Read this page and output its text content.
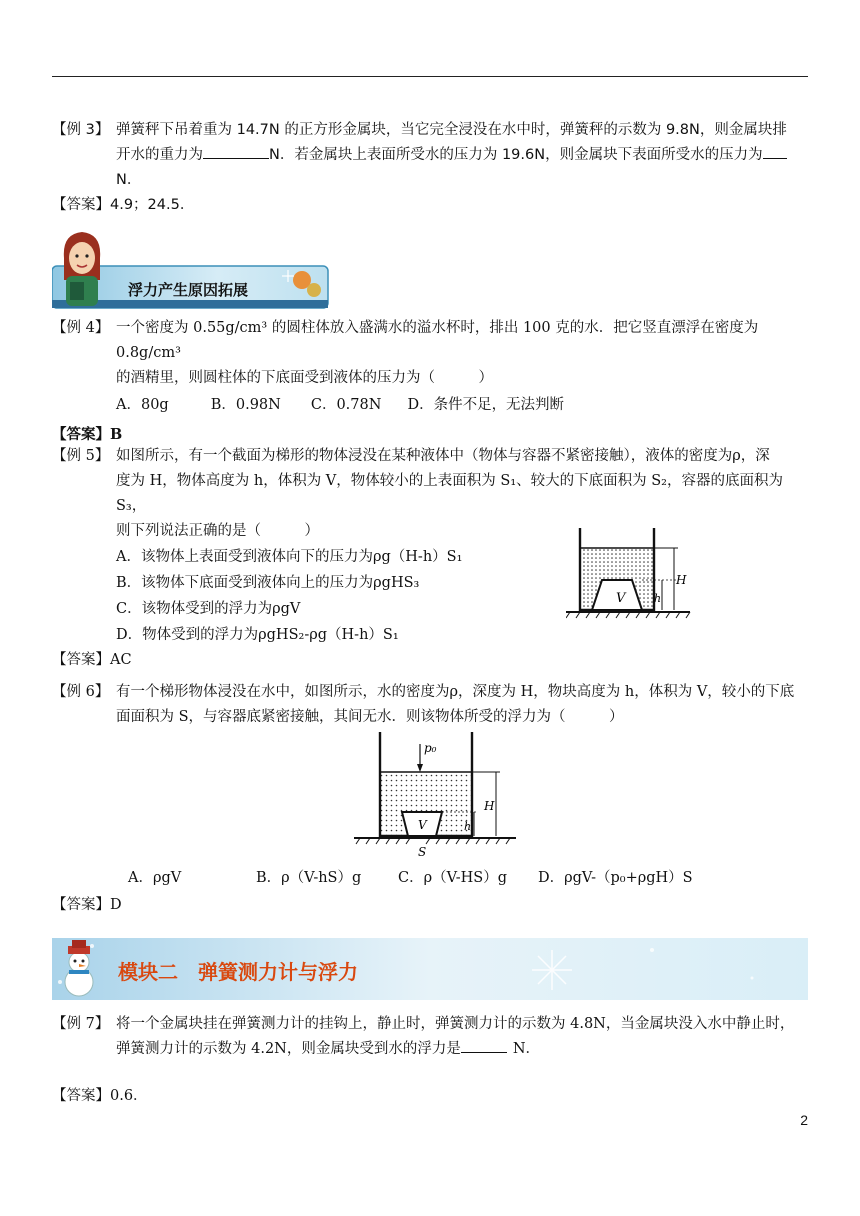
【例 3】 弹簧秤下吊着重为 14.7N 的正方形金属块，当它完全浸没在水中时，弹簧秤的示数为 9.8N，则金属块排
开水的重力为	N．若金属块上表面所受水的压力为 19.6N，则金属块下表面所受水的压力为
N．
【答案】4.9；24.5．
浮力产生原因拓展
【例 4】 一个密度为 0.55g/cm³ 的圆柱体放入盛满水的溢水杯时，排出 100 克的水．把它竖直漂浮在密度为 0.8g/cm³
的酒精里，则圆柱体的下底面受到液体的压力为（　　　）
A．80g	B．0.98N C．0.78N D．条件不足，无法判断
【答案】B
【例 5】 如图所示，有一个截面为梯形的物体浸没在某种液体中（物体与容器不紧密接触），液体的密度为ρ，深
度为 H，物体高度为 h，体积为 V，物体较小的上表面积为 S₁、较大的下底面积为 S₂，容器的底面积为 S₃，
则下列说法正确的是（　　　）
A．该物体上表面受到液体向下的压力为ρg（H-h）S₁
B．该物体下底面受到液体向上的压力为ρgHS₃
C．该物体受到的浮力为ρgV
D．物体受到的浮力为ρgHS₂-ρg（H-h）S₁
【答案】AC
V
H
h
【例 6】 有一个梯形物体浸没在水中，如图所示，水的密度为ρ，深度为 H，物块高度为 h，体积为 V，较小的下底
面面积为 S，与容器底紧密接触，其间无水．则该物体所受的浮力为（　　　）
p₀
V
H
h
S
A．ρgV	B．ρ（V-hS）g	C．ρ（V-HS）g D．ρgV-（p₀+ρgH）S
【答案】D
模块二　弹簧测力计与浮力
【例 7】 将一个金属块挂在弹簧测力计的挂钩上，静止时，弹簧测力计的示数为 4.8N，当金属块没入水中静止时，
弹簧测力计的示数为 4.2N，则金属块受到水的浮力是	N．
【答案】0.6．
2
